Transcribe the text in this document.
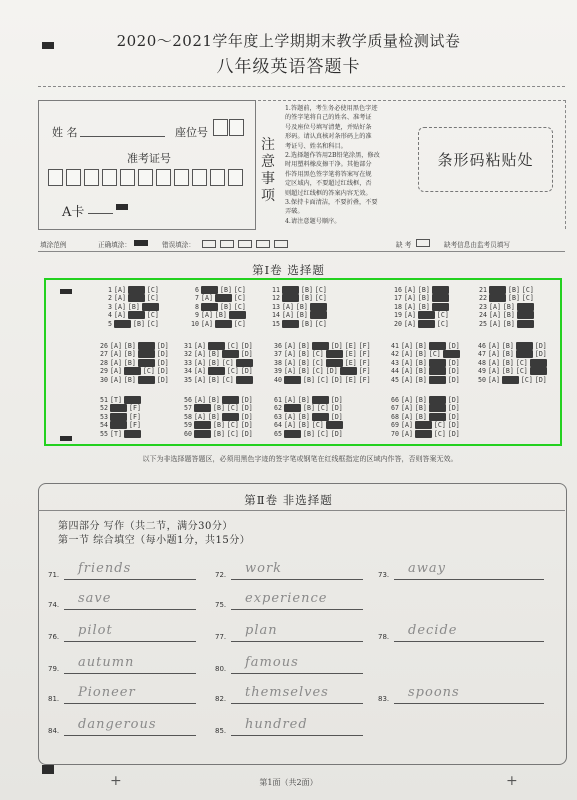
2020～2021学年度上学期期末教学质量检测试卷
八年级英语答题卡
姓 名	座位号
准考证号
A卡
注
意
事
项
1.答题前，考生务必使用黑色字迹
的签字笔将自己的姓名、准考证
号及座位号填写清楚，并贴好条
形码。请认真核对条形码上的准
考证号、姓名和科目。
2.选择题作答用2B铅笔涂黑，修改
时用塑料橡皮擦干净。其他部分
作答用黑色签字笔将答案写在规
定区域内，不要超过红线框，否
则超过红线框的答案内容无效。
3.保持卡面清洁，不要折叠，不要
弄破。
4.请注意题号顺序。
条形码粘贴处
填涂范例	正确填涂：	错误填涂：	缺 考	缺考信息由监考员填写
第Ⅰ卷 选择题
1 [A]	[C]
2 [A]	[C]
3 [A] [B]
4 [A]	[C]
5	[B] [C]
6	[B] [C]
7 [A]	[C]
8	[B] [C]
9 [A] [B]
10 [A]	[C]
11	[B] [C]
12	[B] [C]
13 [A] [B]
14 [A] [B]
15	[B] [C]
16 [A] [B]
17 [A] [B]
18 [A] [B]
19 [A]	[C]
20 [A]	[C]
21	[B] [C]
22	[B] [C]
23 [A] [B]
24 [A] [B]
25 [A] [B]
26 [A] [B]	[D]
27 [A] [B]	[D]
28 [A] [B]	[D]
29 [A]	[C] [D]
30 [A] [B]	[D]
31 [A]	[C] [D]
32 [A] [B]	[D]
33 [A] [B] [C]
34 [A]	[C] [D]
35 [A] [B] [C]
36 [A] [B]	[D] [E] [F]
37 [A] [B] [C]	[E] [F]
38 [A] [B] [C]	[E] [F]
39 [A] [B] [C] [D]	[F]
40	[B] [C] [D] [E] [F]
41 [A] [B]	[D]
42 [A] [B] [C]
43 [A] [B]	[D]
44 [A] [B]	[D]
45 [A] [B]	[D]
46 [A] [B]	[D]
47 [A] [B]	[D]
48 [A] [B] [C]
49 [A] [B] [C]
50 [A]	[C] [D]
51 [T]
52	[F]
53	[F]
54	[F]
55 [T]
56 [A] [B]	[D]
57	[B] [C] [D]
58 [A] [B]	[D]
59	[B] [C] [D]
60	[B] [C] [D]
61 [A] [B]	[D]
62	[B] [C] [D]
63 [A] [B]	[D]
64 [A] [B] [C]
65	[B] [C] [D]
66 [A] [B]	[D]
67 [A] [B]	[D]
68 [A] [B]	[D]
69 [A]	[C] [D]
70 [A]	[C] [D]
以下为非选择题答题区，必须用黑色字迹的签字笔或钢笔在红线框指定的区域内作答，否则答案无效。
第Ⅱ卷 非选择题
第四部分 写作（共二节，满分30分）
第一节 综合填空（每小题1分，共15分）
71. friends	72. work	73. away
74. save	75. experience
76. pilot	77. plan	78. decide
79. autumn	80. famous
81. Pioneer	82. themselves	83. spoons
84. dangerous	85. hundred
第1面（共2面）
+	+
